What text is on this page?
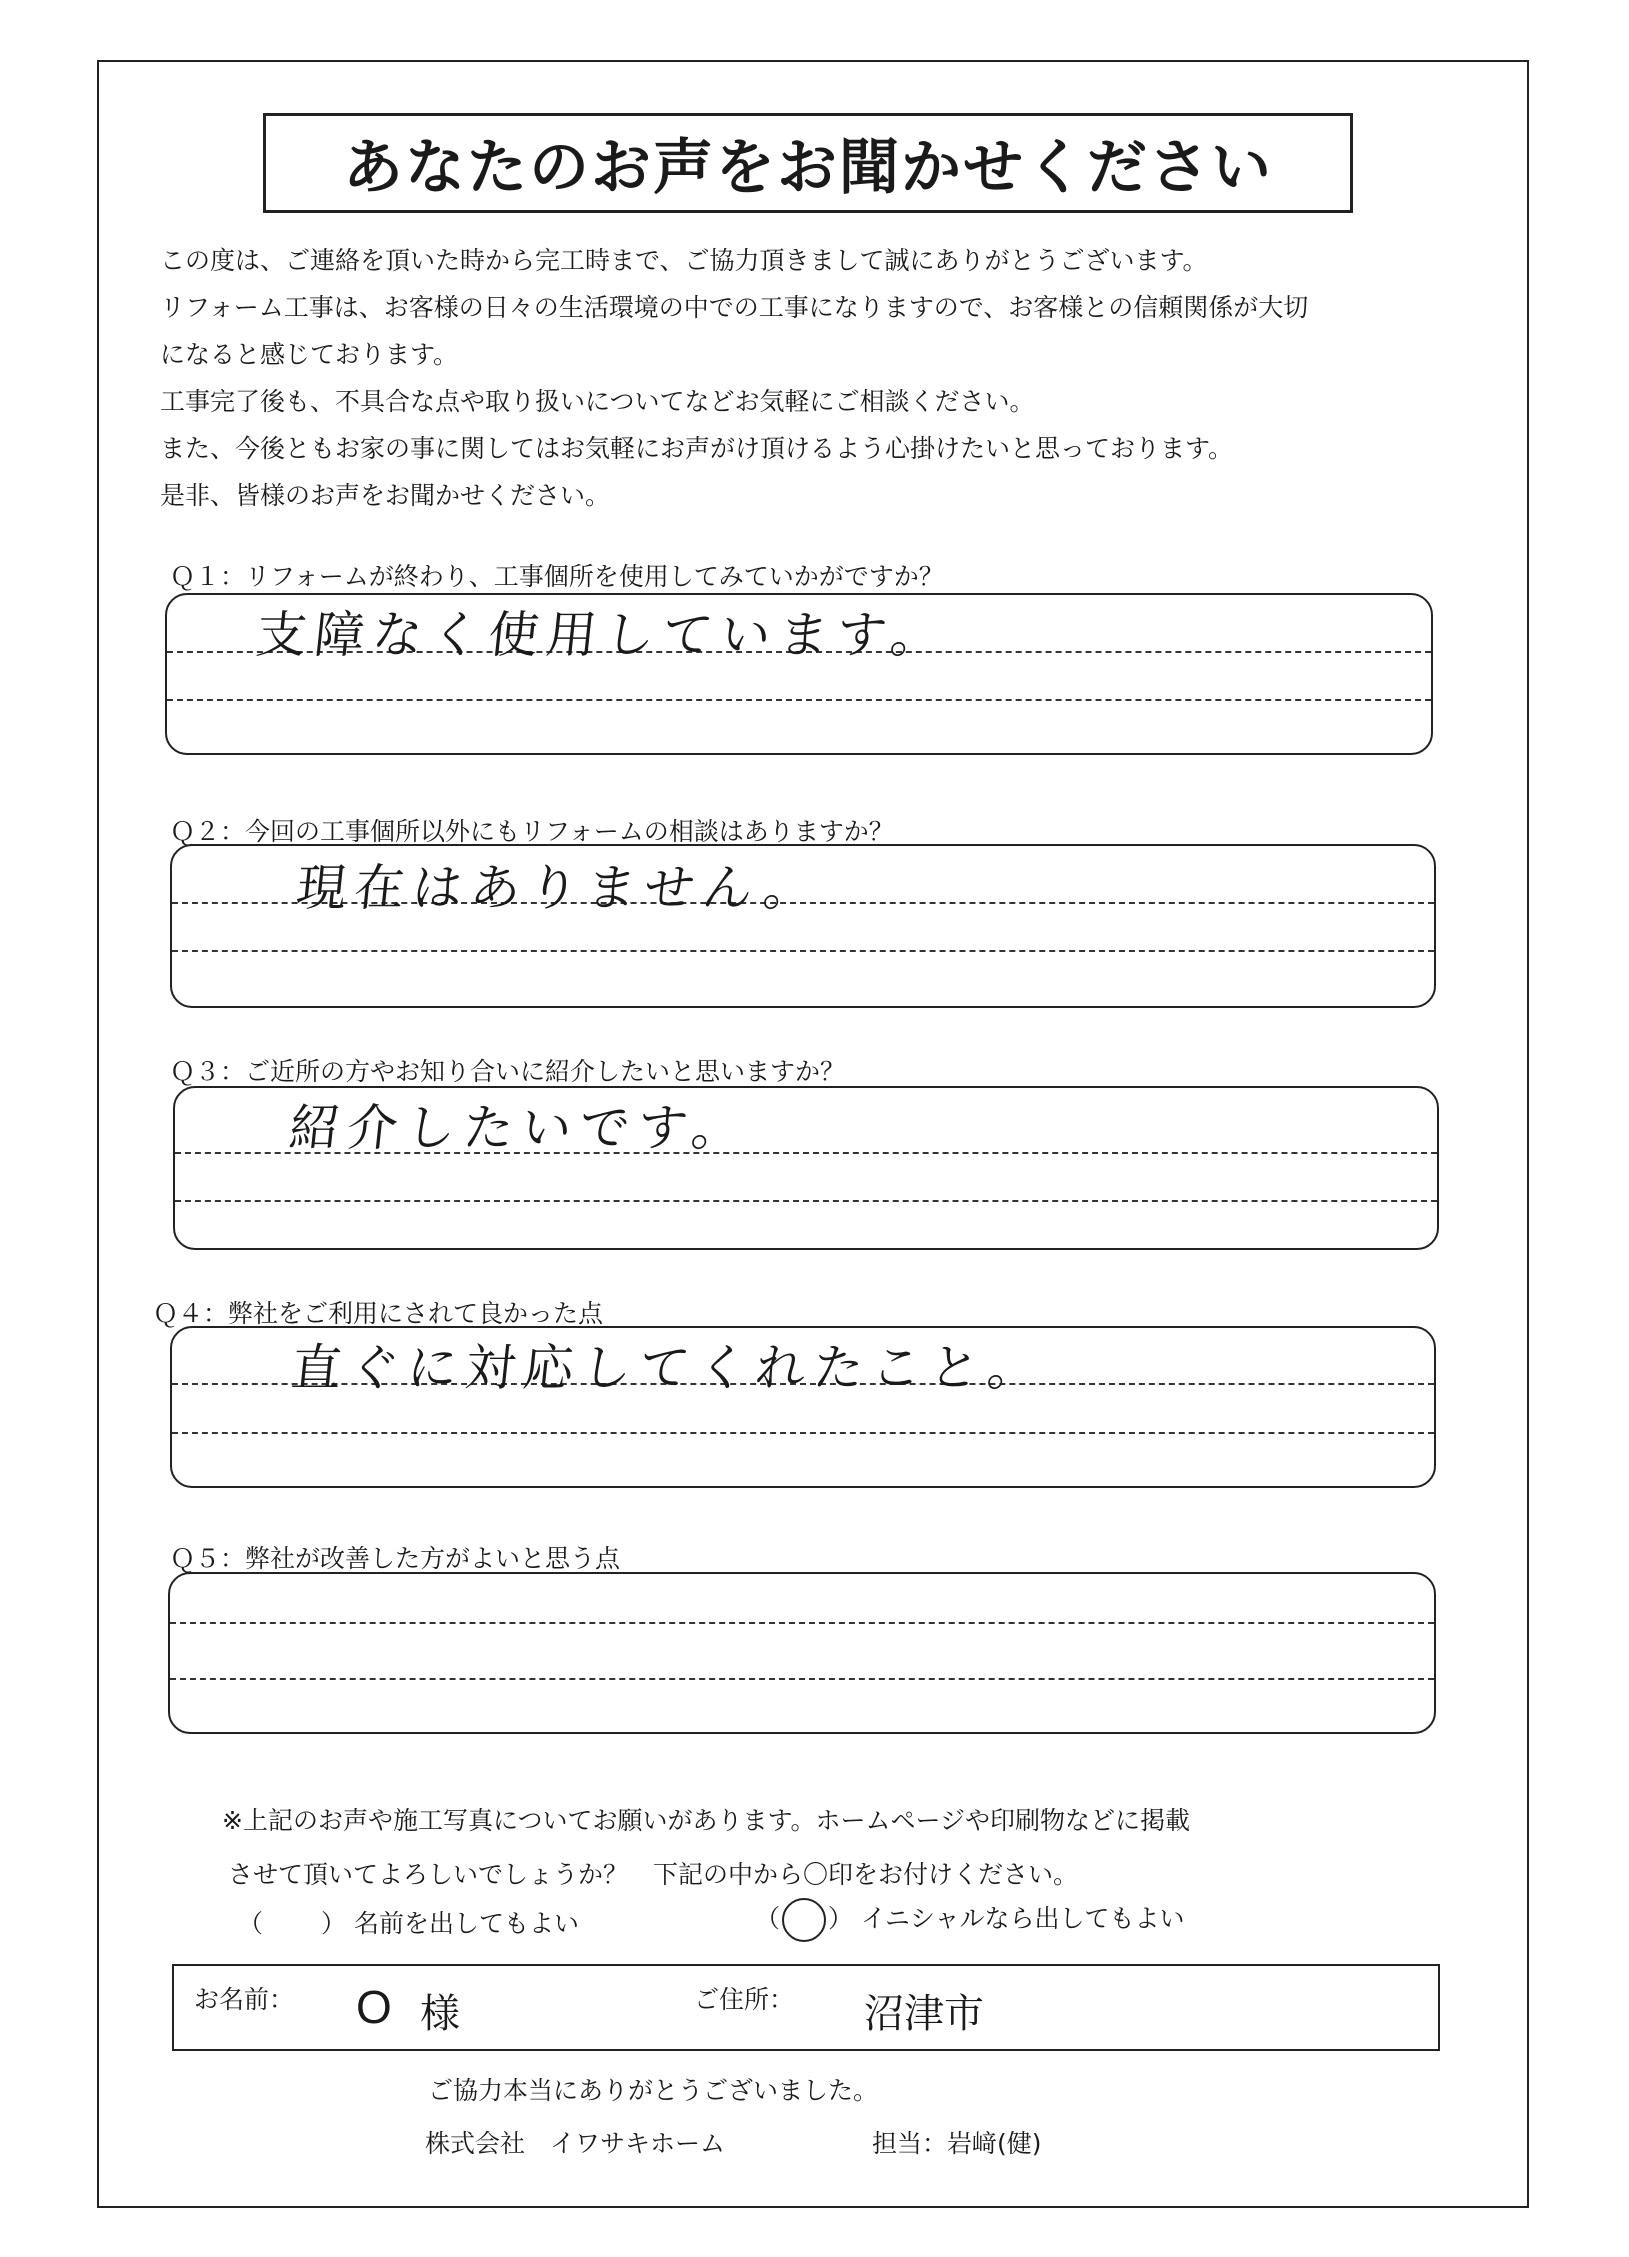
あなたのお声をお聞かせください

この度は、ご連絡を頂いた時から完工時まで、ご協力頂きまして誠にありがとうございます。

リフォーム工事は、お客様の日々の生活環境の中での工事になりますので、お客様との信頼関係が大切

になると感じております。

工事完了後も、不具合な点や取り扱いについてなどお気軽にご相談ください。

また、今後ともお家の事に関してはお気軽にお声がけ頂けるよう心掛けたいと思っております。

是非、皆様のお声をお聞かせください。

Ｑ１：リフォームが終わり、工事個所を使用してみていかがですか？
支障なく使用しています。
Ｑ２：今回の工事個所以外にもリフォームの相談はありますか？
現在はありません。
Ｑ３：ご近所の方やお知り合いに紹介したいと思いますか？
紹介したいです。
Ｑ４：弊社をご利用にされて良かった点
直ぐに対応してくれたこと。
Ｑ５：弊社が改善した方がよいと思う点
※上記のお声や施工写真についてお願いがあります。ホームページや印刷物などに掲載
させて頂いてよろしいでしょうか？　下記の中から〇印をお付けください。
（ ） 名前を出してもよい	（ ） イニシャルなら出してもよい
お名前： O 様	ご住所： 沼津市
ご協力本当にありがとうございました。
株式会社　イワサキホーム	担当：岩﨑(健)
